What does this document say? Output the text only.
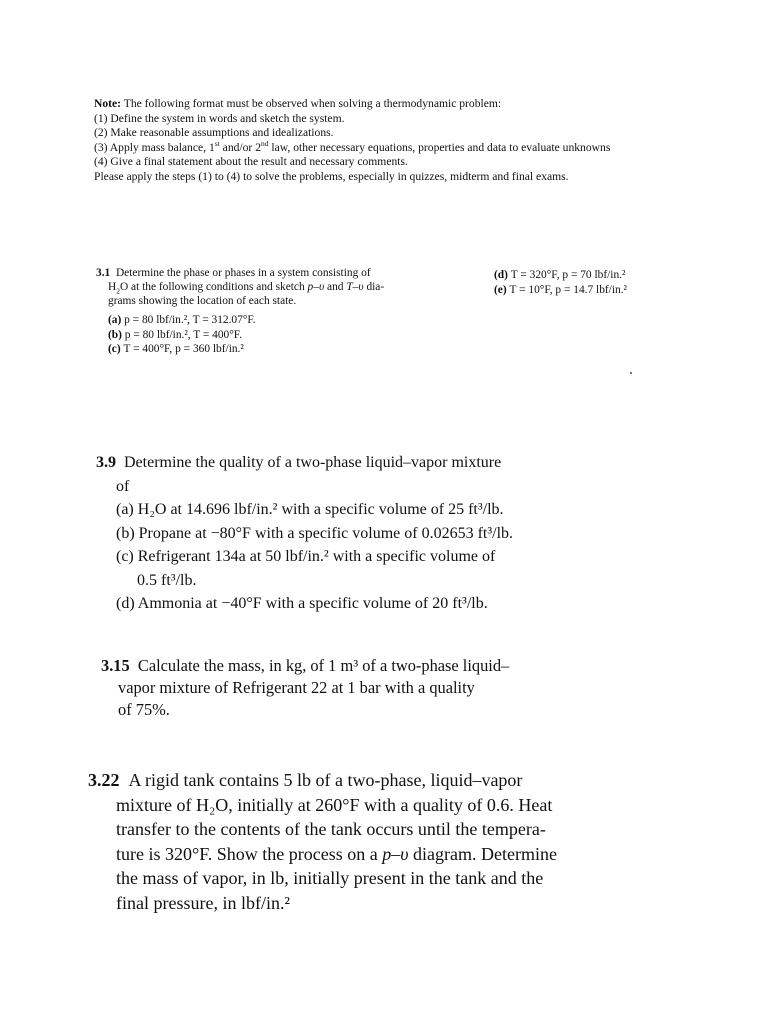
Note: The following format must be observed when solving a thermodynamic problem:
(1) Define the system in words and sketch the system.
(2) Make reasonable assumptions and idealizations.
(3) Apply mass balance, 1st and/or 2nd law, other necessary equations, properties and data to evaluate unknowns
(4) Give a final statement about the result and necessary comments.
Please apply the steps (1) to (4) to solve the problems, especially in quizzes, midterm and final exams.
3.1 Determine the phase or phases in a system consisting of
$H_2O$ at the following conditions and sketch p–υ and T–υ dia-
grams showing the location of each state.
(a) p = 80 lbf/in.², T = 312.07°F.
(b) p = 80 lbf/in.², T = 400°F.
(c) T = 400°F, p = 360 lbf/in.²
(d) T = 320°F, p = 70 lbf/in.²
(e) T = 10°F, p = 14.7 lbf/in.²
3.9 Determine the quality of a two-phase liquid–vapor mixture
of
(a) H₂O at 14.696 lbf/in.² with a specific volume of 25 ft³/lb.
(b) Propane at −80°F with a specific volume of 0.02653 ft³/lb.
(c) Refrigerant 134a at 50 lbf/in.² with a specific volume of
0.5 ft³/lb.
(d) Ammonia at −40°F with a specific volume of 20 ft³/lb.
3.15 Calculate the mass, in kg, of 1 m³ of a two-phase liquid–
vapor mixture of Refrigerant 22 at 1 bar with a quality
of 75%.
3.22 A rigid tank contains 5 lb of a two-phase, liquid–vapor
mixture of H₂O, initially at 260°F with a quality of 0.6. Heat
transfer to the contents of the tank occurs until the tempera-
ture is 320°F. Show the process on a p–υ diagram. Determine
the mass of vapor, in lb, initially present in the tank and the
final pressure, in lbf/in.²
